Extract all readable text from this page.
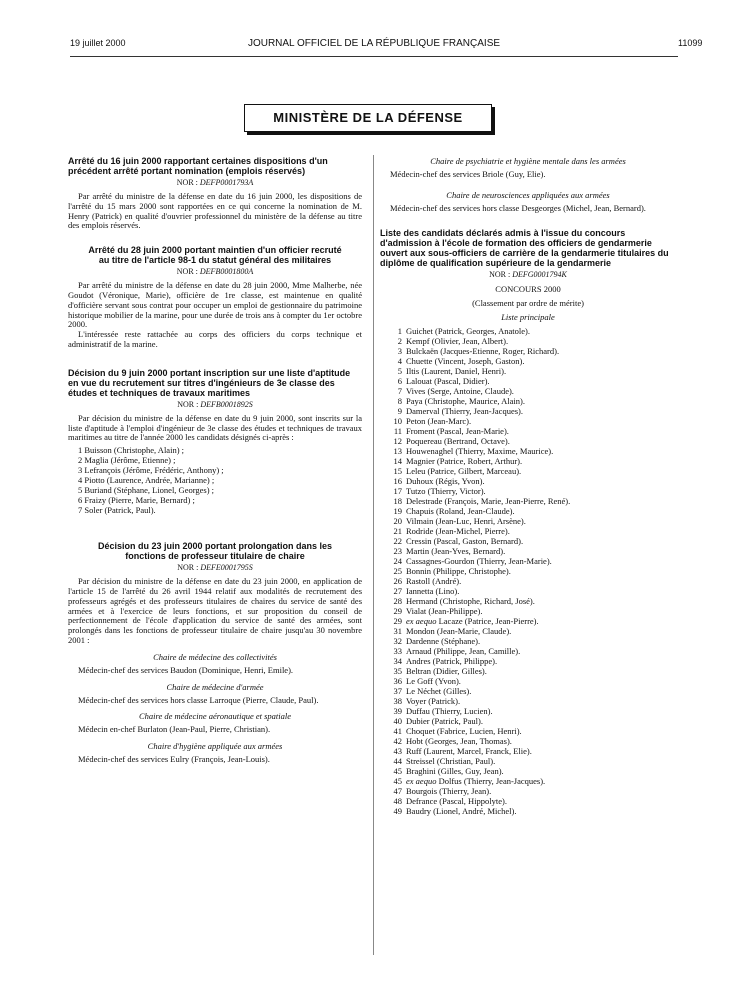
19 juillet 2000	JOURNAL OFFICIEL DE LA RÉPUBLIQUE FRANÇAISE	11099
MINISTÈRE DE LA DÉFENSE

Arrêté du 16 juin 2000 rapportant certaines dispositions d'un précédent arrêté portant nomination (emplois réservés)

NOR : DEFP0001793A

Par arrêté du ministre de la défense en date du 16 juin 2000, les dispositions de l'arrêté du 15 mars 2000 sont rapportées en ce qui concerne la nomination de M. Henry (Patrick) en qualité d'ouvrier professionnel du ministère de la défense au titre des emplois réservés.

Arrêté du 28 juin 2000 portant maintien d'un officier recruté au titre de l'article 98-1 du statut général des militaires

NOR : DEFB0001800A

Par arrêté du ministre de la défense en date du 28 juin 2000, Mme Malherbe, née Goudot (Véronique, Marie), officière de 1re classe, est maintenue en qualité d'officière servant sous contrat pour occuper un emploi de gestionnaire du patrimoine historique mobilier de la marine, pour une durée de trois ans à compter du 1er octobre 2000.

L'intéressée reste rattachée au corps des officiers du corps technique et administratif de la marine.

Décision du 9 juin 2000 portant inscription sur une liste d'aptitude en vue du recrutement sur titres d'ingénieurs de 3e classe des études et techniques de travaux maritimes

NOR : DEFB0001892S

Par décision du ministre de la défense en date du 9 juin 2000, sont inscrits sur la liste d'aptitude à l'emploi d'ingénieur de 3e classe des études et techniques de travaux maritimes au titre de l'année 2000 les candidats désignés ci-après :

1 Buisson (Christophe, Alain) ;
2 Maglia (Jérôme, Etienne) ;
3 Lefrançois (Jérôme, Frédéric, Anthony) ;
4 Piotto (Laurence, Andrée, Marianne) ;
5 Buriand (Stéphane, Lionel, Georges) ;
6 Fraizy (Pierre, Marie, Bernard) ;
7 Soler (Patrick, Paul).

Décision du 23 juin 2000 portant prolongation dans les fonctions de professeur titulaire de chaire

NOR : DEFE0001795S

Par décision du ministre de la défense en date du 23 juin 2000, en application de l'article 15 de l'arrêté du 26 avril 1944 relatif aux modalités de recrutement des professeurs agrégés et des professeurs titulaires de chaires du service de santé des armées et à l'exercice de leurs fonctions, et sur proposition du conseil de perfectionnement de l'école d'application du service de santé des armées, sont prolongés dans les fonctions de professeur titulaire de chaire jusqu'au 30 novembre 2001 :

Chaire de médecine des collectivités

Médecin-chef des services Baudon (Dominique, Henri, Emile).

Chaire de médecine d'armée

Médecin-chef des services hors classe Larroque (Pierre, Claude, Paul).

Chaire de médecine aéronautique et spatiale

Médecin en-chef Burlaton (Jean-Paul, Pierre, Christian).

Chaire d'hygiène appliquée aux armées

Médecin-chef des services Eulry (François, Jean-Louis).

Chaire de psychiatrie et hygiène mentale dans les armées

Médecin-chef des services Briole (Guy, Elie).

Chaire de neurosciences appliquées aux armées

Médecin-chef des services hors classe Desgeorges (Michel, Jean, Bernard).

Liste des candidats déclarés admis à l'issue du concours d'admission à l'école de formation des officiers de gendarmerie ouvert aux sous-officiers de carrière de la gendarmerie titulaires du diplôme de qualification supérieure de la gendarmerie

NOR : DEFG0001794K

CONCOURS 2000

(Classement par ordre de mérite)

Liste principale

1 Guichet (Patrick, Georges, Anatole).
2 Kempf (Olivier, Jean, Albert).
3 Bulckaën (Jacques-Etienne, Roger, Richard).
4 Chuette (Vincent, Joseph, Gaston).
5 Iltis (Laurent, Daniel, Henri).
6 Lalouat (Pascal, Didier).
7 Vives (Serge, Antoine, Claude).
8 Paya (Christophe, Maurice, Alain).
9 Damerval (Thierry, Jean-Jacques).
10 Peton (Jean-Marc).
11 Froment (Pascal, Jean-Marie).
12 Poquereau (Bertrand, Octave).
13 Houwenaghel (Thierry, Maxime, Maurice).
14 Magnier (Patrice, Robert, Arthur).
15 Leleu (Patrice, Gilbert, Marceau).
16 Duhoux (Régis, Yvon).
17 Tutzo (Thierry, Victor).
18 Delestrade (François, Marie, Jean-Pierre, René).
19 Chapuis (Roland, Jean-Claude).
20 Vilmain (Jean-Luc, Henri, Arsène).
21 Rodride (Jean-Michel, Pierre).
22 Cressin (Pascal, Gaston, Bernard).
23 Martin (Jean-Yves, Bernard).
24 Cassagnes-Gourdon (Thierry, Jean-Marie).
25 Bonnin (Philippe, Christophe).
26 Rastoll (André).
27 Iannetta (Lino).
28 Hermand (Christophe, Richard, José).
29 Vialat (Jean-Philippe).
29 ex aequo Lacaze (Patrice, Jean-Pierre).
31 Mondon (Jean-Marie, Claude).
32 Dardenne (Stéphane).
33 Arnaud (Philippe, Jean, Camille).
34 Andres (Patrick, Philippe).
35 Beltran (Didier, Gilles).
36 Le Goff (Yvon).
37 Le Néchet (Gilles).
38 Voyer (Patrick).
39 Duffau (Thierry, Lucien).
40 Dubier (Patrick, Paul).
41 Choquet (Fabrice, Lucien, Henri).
42 Hobt (Georges, Jean, Thomas).
43 Ruff (Laurent, Marcel, Franck, Elie).
44 Streissel (Christian, Paul).
45 Braghini (Gilles, Guy, Jean).
45 ex aequo Dolfus (Thierry, Jean-Jacques).
47 Bourgois (Thierry, Jean).
48 Defrance (Pascal, Hippolyte).
49 Baudry (Lionel, André, Michel).
